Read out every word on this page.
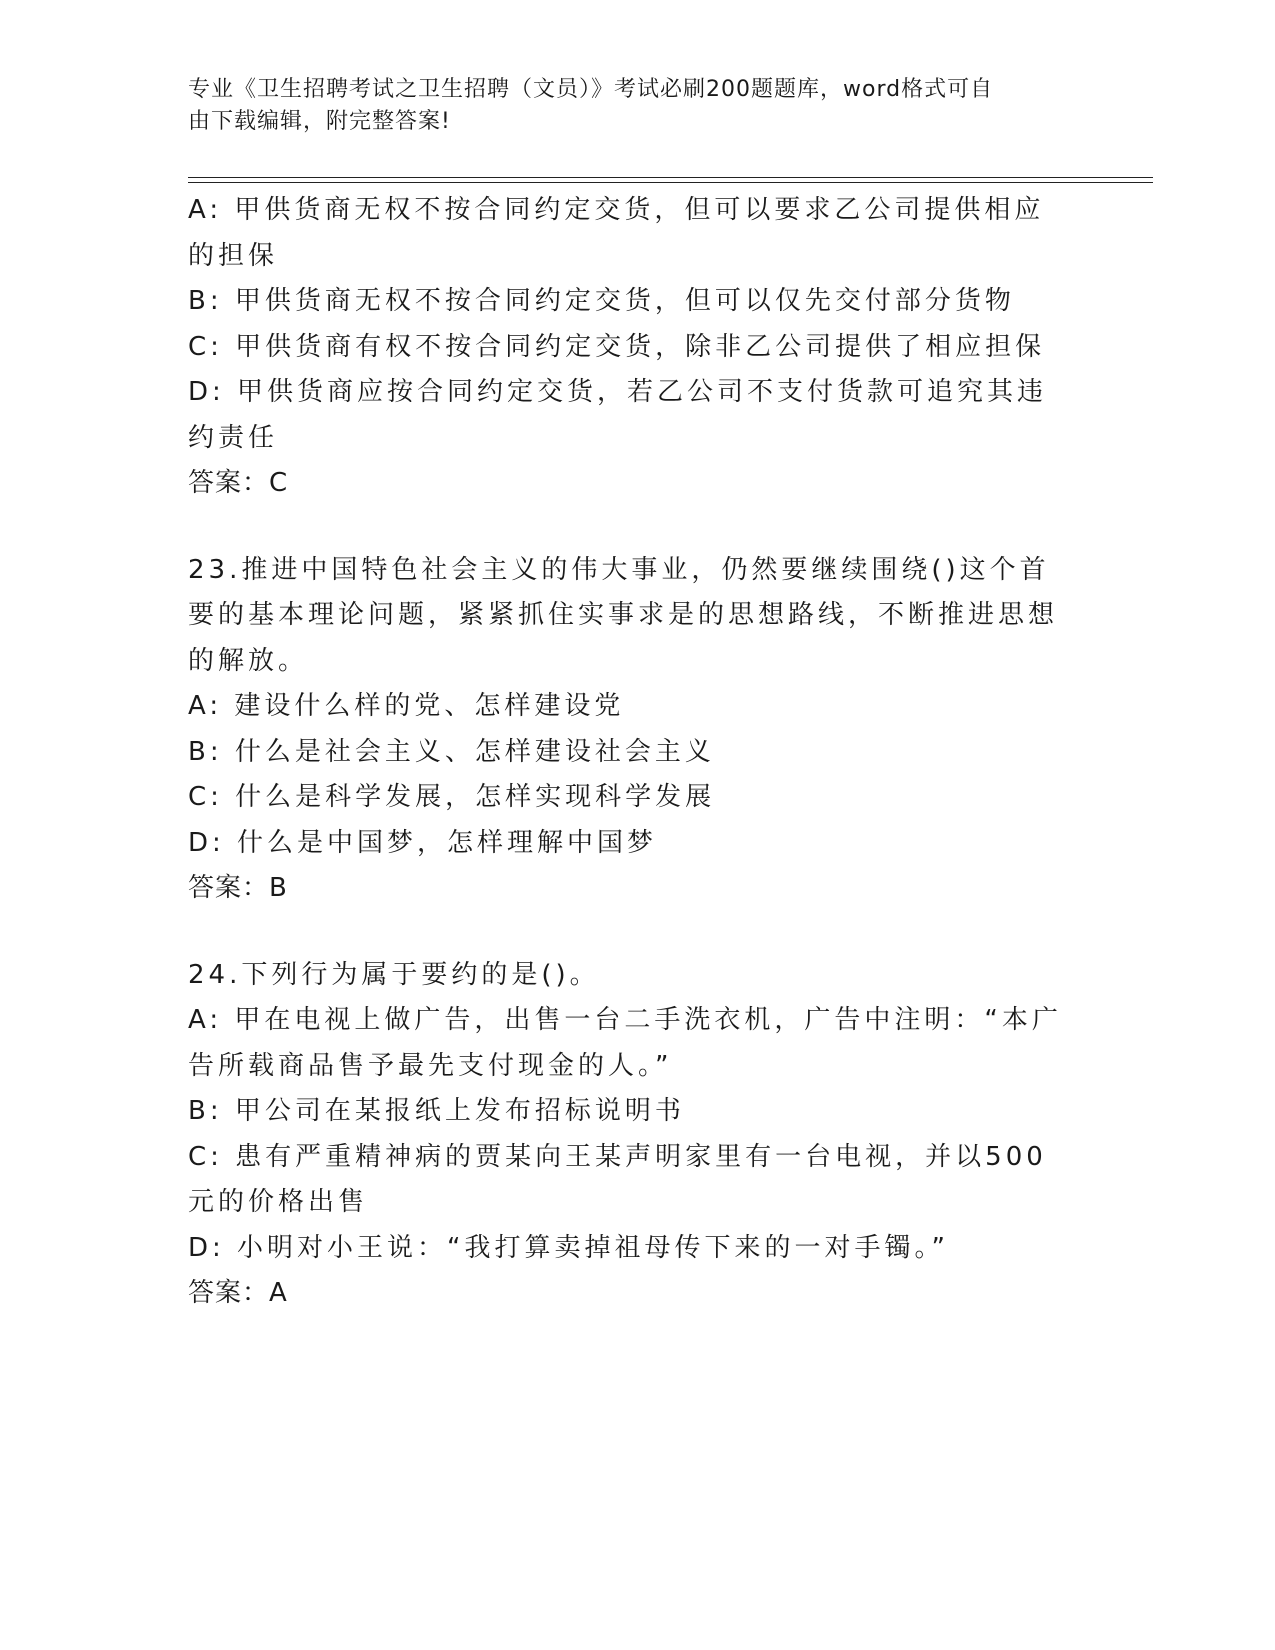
专业《卫生招聘考试之卫生招聘（文员）》考试必刷200题题库，word格式可自
由下载编辑，附完整答案!

A: 甲供货商无权不按合同约定交货，但可以要求乙公司提供相应的担保

B: 甲供货商无权不按合同约定交货，但可以仅先交付部分货物

C: 甲供货商有权不按合同约定交货，除非乙公司提供了相应担保

D: 甲供货商应按合同约定交货，若乙公司不支付货款可追究其违约责任

答案：C

23.推进中国特色社会主义的伟大事业，仍然要继续围绕()这个首要的基本理论问题，紧紧抓住实事求是的思想路线，不断推进思想的解放。

A: 建设什么样的党、怎样建设党

B: 什么是社会主义、怎样建设社会主义

C: 什么是科学发展，怎样实现科学发展

D: 什么是中国梦，怎样理解中国梦

答案：B

24.下列行为属于要约的是()。

A: 甲在电视上做广告，出售一台二手洗衣机，广告中注明：“本广告所载商品售予最先支付现金的人。”

B: 甲公司在某报纸上发布招标说明书

C: 患有严重精神病的贾某向王某声明家里有一台电视，并以500元的价格出售

D: 小明对小王说：“我打算卖掉祖母传下来的一对手镯。”

答案：A
